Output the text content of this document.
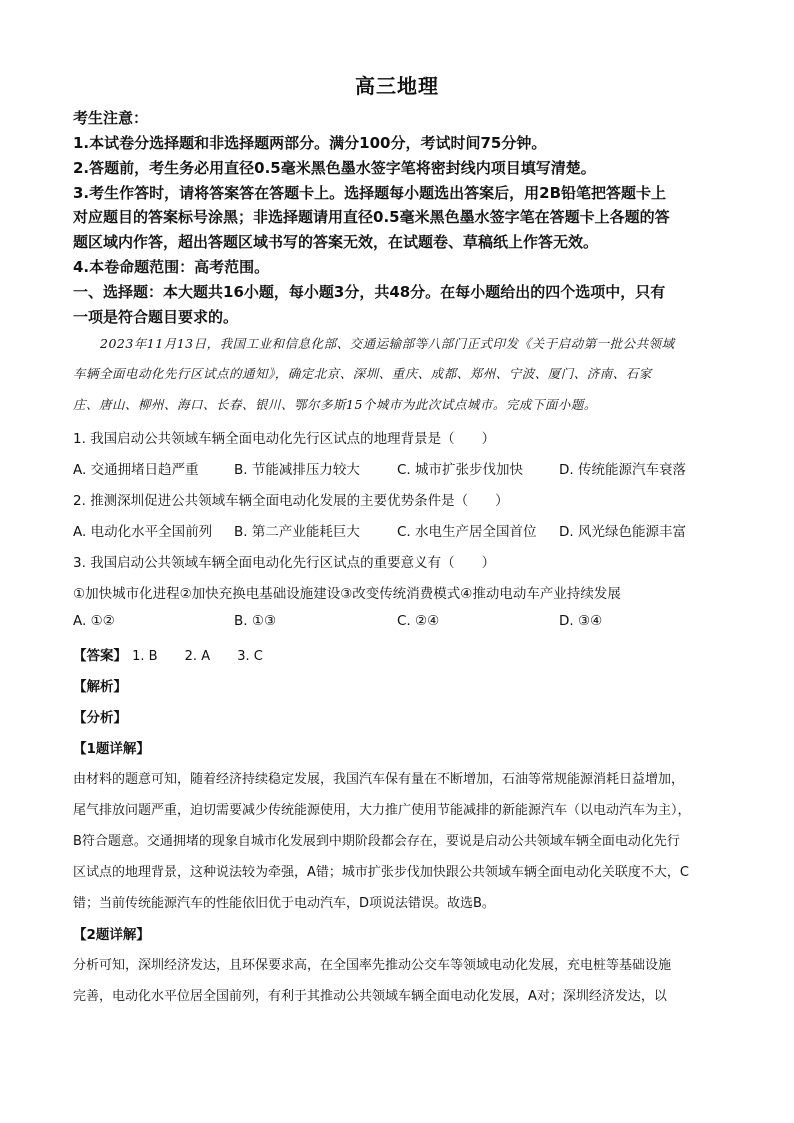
高三地理
考生注意：
1.本试卷分选择题和非选择题两部分。满分100分，考试时间75分钟。
2.答题前，考生务必用直径0.5毫米黑色墨水签字笔将密封线内项目填写清楚。
3.考生作答时，请将答案答在答题卡上。选择题每小题选出答案后，用2B铅笔把答题卡上
对应题目的答案标号涂黑；非选择题请用直径0.5毫米黑色墨水签字笔在答题卡上各题的答
题区域内作答，超出答题区域书写的答案无效，在试题卷、草稿纸上作答无效。
4.本卷命题范围：高考范围。
一、选择题：本大题共16小题，每小题3分，共48分。在每小题给出的四个选项中，只有
一项是符合题目要求的。
2023年11月13日，我国工业和信息化部、交通运输部等八部门正式印发《关于启动第一批公共领域
车辆全面电动化先行区试点的通知》，确定北京、深圳、重庆、成都、郑州、宁波、厦门、济南、石家
庄、唐山、柳州、海口、长春、银川、鄂尔多斯15个城市为此次试点城市。完成下面小题。
1. 我国启动公共领域车辆全面电动化先行区试点的地理背景是（　　）
A. 交通拥堵日趋严重	B. 节能减排压力较大	C. 城市扩张步伐加快	D. 传统能源汽车衰落
2. 推测深圳促进公共领域车辆全面电动化发展的主要优势条件是（　　）
A. 电动化水平全国前列 B. 第二产业能耗巨大	C. 水电生产居全国首位 D. 风光绿色能源丰富
3. 我国启动公共领域车辆全面电动化先行区试点的重要意义有（　　）
①加快城市化进程②加快充换电基础设施建设③改变传统消费模式④推动电动车产业持续发展
A. ①②	B. ①③	C. ②④	D. ③④
【答案】 1. B 2. A 3. C
【解析】
【分析】
【1题详解】
由材料的题意可知，随着经济持续稳定发展，我国汽车保有量在不断增加，石油等常规能源消耗日益增加，
尾气排放问题严重，迫切需要减少传统能源使用，大力推广使用节能减排的新能源汽车（以电动汽车为主），
B符合题意。交通拥堵的现象自城市化发展到中期阶段都会存在，要说是启动公共领域车辆全面电动化先行
区试点的地理背景，这种说法较为牵强，A错；城市扩张步伐加快跟公共领域车辆全面电动化关联度不大，C
错；当前传统能源汽车的性能依旧优于电动汽车，D项说法错误。故选B。
【2题详解】
分析可知，深圳经济发达，且环保要求高，在全国率先推动公交车等领域电动化发展，充电桩等基础设施
完善，电动化水平位居全国前列，有利于其推动公共领域车辆全面电动化发展，A对；深圳经济发达，以
